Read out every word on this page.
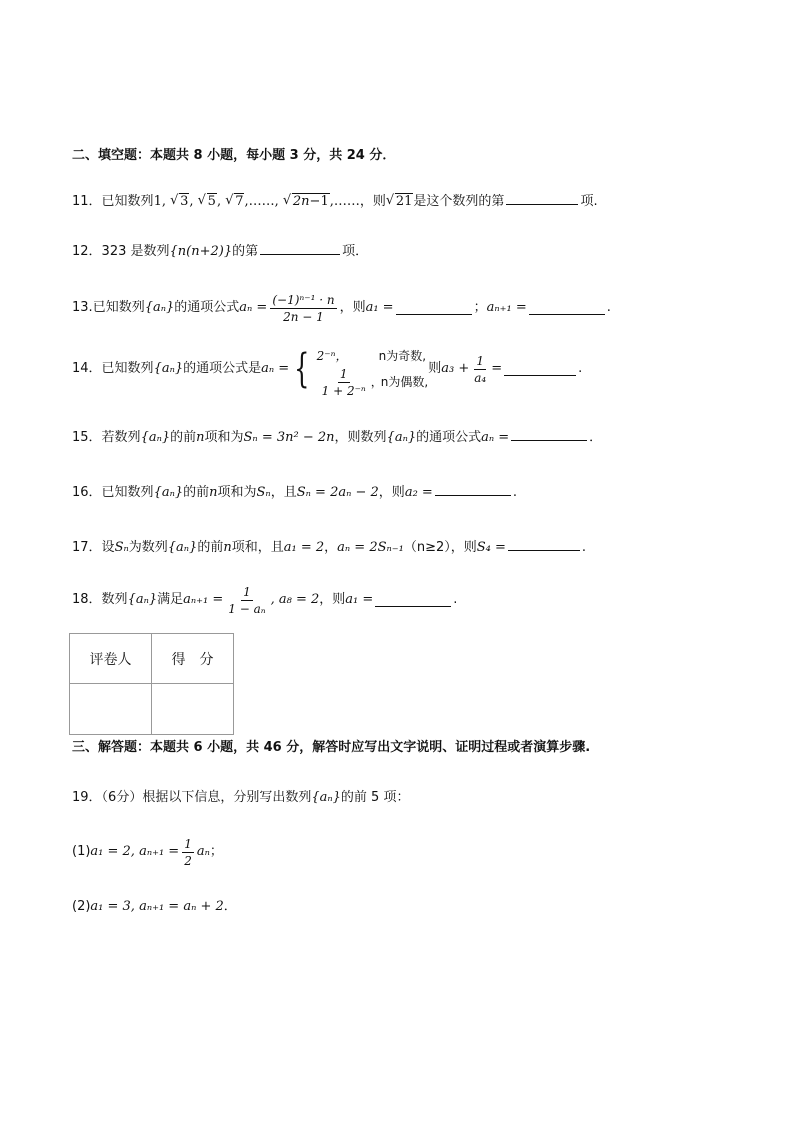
二、填空题：本题共 8 小题，每小题 3 分，共 24 分．
11．已知数列1, √ 3, √ 5, √ 7,……, √ 2n−1,……，则 √ 21是这个数列的第	项.
12．323 是数列{n(n+2)}的第	项．
13. 已知数列 {aₙ} 的通项公式 $a_n = \frac{\text{(−1)ⁿ⁻¹ · n}}{2n - 1}$ ，则 a₁ =	； aₙ₊₁ =	.
14． 已知数列 {aₙ} 的通项公式是 aₙ = { 2⁻ⁿ，	n为奇数,
$\frac{1}{\text{1 + 2⁻ⁿ}}$ ，
n为偶数,
则 $a_3 + \frac{1}{\text{a₄}}$ =	.
15．若数列{aₙ}的前n项和为Sₙ = 3n² − 2n，则数列{aₙ}的通项公式aₙ =	．
16．已知数列{aₙ}的前n项和为Sₙ，且Sₙ = 2aₙ − 2，则a₂ =	.
17．设Sₙ为数列{aₙ}的前n项和，且a₁ = 2，aₙ = 2Sₙ₋₁（n≥2），则S₄ =	.
18． 数列 {aₙ} 满足 $a_{n+1} = \frac{1}{\text{1 − aₙ}}$ , a₈ = 2 ，则 a₁ =	.
评卷人	得　分

三、解答题：本题共 6 小题，共 46 分，解答时应写出文字说明、证明过程或者演算步骤.
19．（6分）根据以下信息，分别写出数列{aₙ}的前 5 项：
(1) a₁ = 2, $a_{n+1} = \frac{1}{2}$ aₙ ；
(2)a₁ = 3, aₙ₊₁ = aₙ + 2．
